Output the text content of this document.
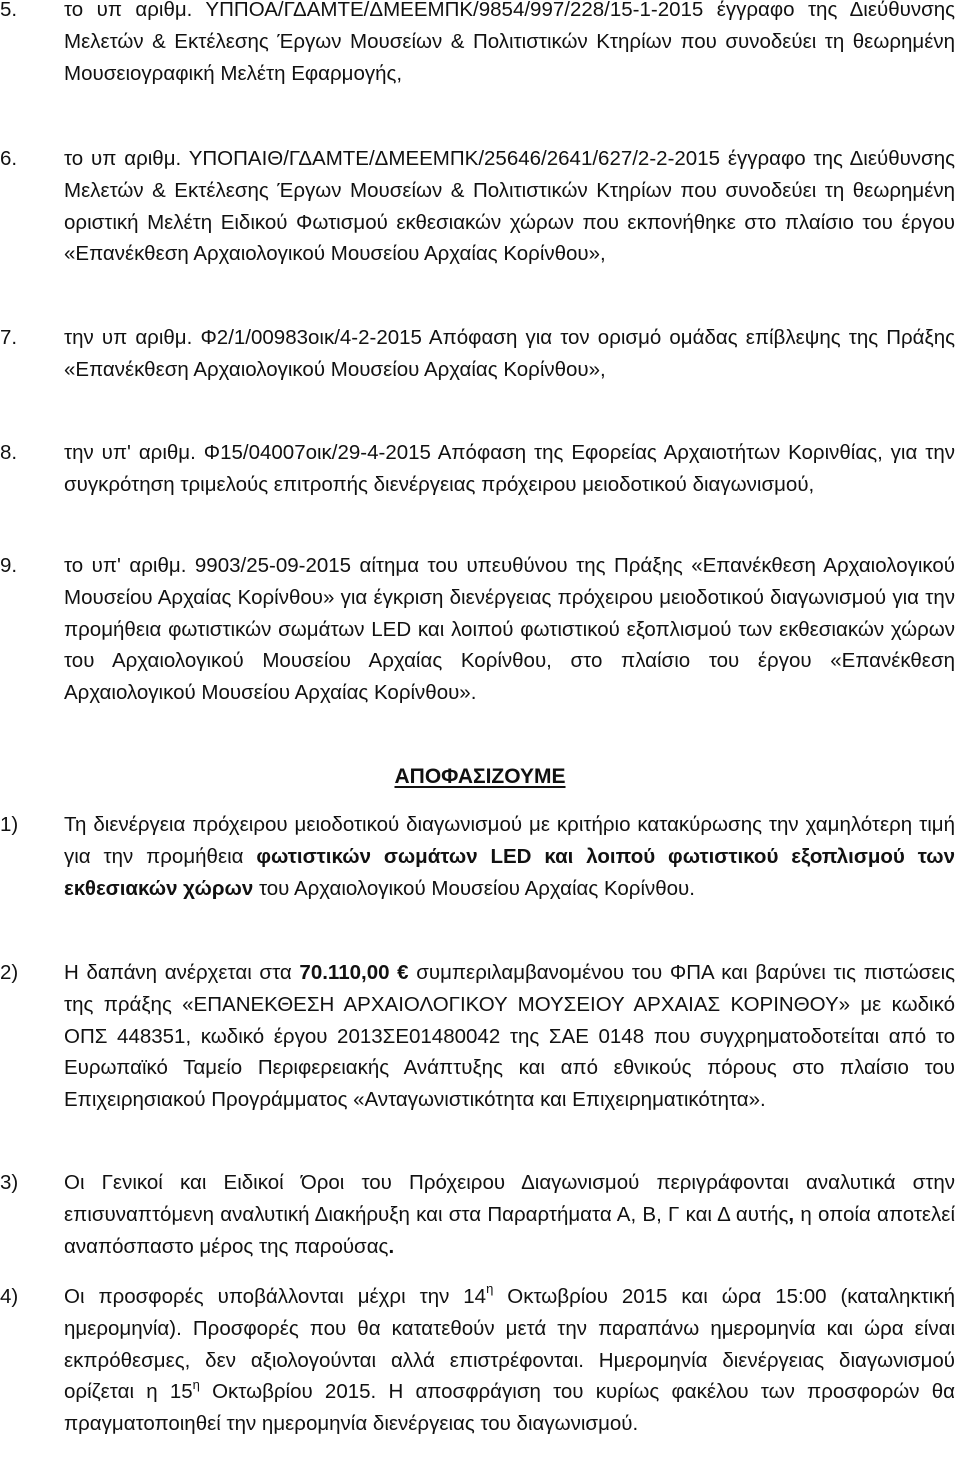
5.	το υπ αριθμ. ΥΠΠΟΑ/ΓΔΑΜΤΕ/ΔΜΕΕΜΠΚ/9854/997/228/15-1-2015 έγγραφο της Διεύθυνσης Μελετών & Εκτέλεσης Έργων Μουσείων & Πολιτιστικών Κτηρίων που συνοδεύει τη θεωρημένη Μουσειογραφική Μελέτη Εφαρμογής,
6.	το υπ αριθμ. ΥΠΟΠΑΙΘ/ΓΔΑΜΤΕ/ΔΜΕΕΜΠΚ/25646/2641/627/2-2-2015 έγγραφο της Διεύθυνσης Μελετών & Εκτέλεσης Έργων Μουσείων & Πολιτιστικών Κτηρίων που συνοδεύει τη θεωρημένη οριστική Μελέτη Ειδικού Φωτισμού εκθεσιακών χώρων που εκπονήθηκε στο πλαίσιο του έργου «Επανέκθεση Αρχαιολογικού Μουσείου Αρχαίας Κορίνθου»,
7.	την υπ αριθμ. Φ2/1/00983οικ/4-2-2015 Απόφαση για τον ορισμό ομάδας επίβλεψης της Πράξης «Επανέκθεση Αρχαιολογικού Μουσείου Αρχαίας Κορίνθου»,
8.	την υπ' αριθμ. Φ15/04007οικ/29-4-2015 Απόφαση της Εφορείας Αρχαιοτήτων Κορινθίας, για την συγκρότηση τριμελούς επιτροπής διενέργειας πρόχειρου μειοδοτικού διαγωνισμού,
9.	το υπ' αριθμ. 9903/25-09-2015 αίτημα του υπευθύνου της Πράξης «Επανέκθεση Αρχαιολογικού Μουσείου Αρχαίας Κορίνθου» για έγκριση διενέργειας πρόχειρου μειοδοτικού διαγωνισμού για την προμήθεια φωτιστικών σωμάτων LED και λοιπού φωτιστικού εξοπλισμού των εκθεσιακών χώρων του Αρχαιολογικού Μουσείου Αρχαίας Κορίνθου, στο πλαίσιο του έργου «Επανέκθεση Αρχαιολογικού Μουσείου Αρχαίας Κορίνθου».
ΑΠΟΦΑΣΙΖΟΥΜΕ
1)	Τη διενέργεια πρόχειρου μειοδοτικού διαγωνισμού με κριτήριο κατακύρωσης την χαμηλότερη τιμή για την προμήθεια φωτιστικών σωμάτων LED και λοιπού φωτιστικού εξοπλισμού των εκθεσιακών χώρων του Αρχαιολογικού Μουσείου Αρχαίας Κορίνθου.
2)	Η δαπάνη ανέρχεται στα 70.110,00 € συμπεριλαμβανομένου του ΦΠΑ και βαρύνει τις πιστώσεις της πράξης «ΕΠΑΝΕΚΘΕΣΗ ΑΡΧΑΙΟΛΟΓΙΚΟΥ ΜΟΥΣΕΙΟΥ ΑΡΧΑΙΑΣ ΚΟΡΙΝΘΟΥ» με κωδικό ΟΠΣ 448351, κωδικό έργου 2013ΣΕ01480042 της ΣΑΕ 0148 που συγχρηματοδοτείται από το Ευρωπαϊκό Ταμείο Περιφερειακής Ανάπτυξης και από εθνικούς πόρους στο πλαίσιο του Επιχειρησιακού Προγράμματος «Ανταγωνιστικότητα και Επιχειρηματικότητα».
3)	Οι Γενικοί και Ειδικοί Όροι του Πρόχειρου Διαγωνισμού περιγράφονται αναλυτικά στην επισυναπτόμενη αναλυτική Διακήρυξη και στα Παραρτήματα Α, Β, Γ και Δ αυτής, η οποία αποτελεί αναπόσπαστο μέρος της παρούσας.
4)	Οι προσφορές υποβάλλονται μέχρι την $14^\eta$ Οκτωβρίου 2015 και ώρα 15:00 (καταληκτική ημερομηνία). Προσφορές που θα κατατεθούν μετά την παραπάνω ημερομηνία και ώρα είναι εκπρόθεσμες, δεν αξιολογούνται αλλά επιστρέφονται. Ημερομηνία διενέργειας διαγωνισμού ορίζεται η $15^\eta$ Οκτωβρίου 2015. Η αποσφράγιση του κυρίως φακέλου των προσφορών θα πραγματοποιηθεί την ημερομηνία διενέργειας του διαγωνισμού.
